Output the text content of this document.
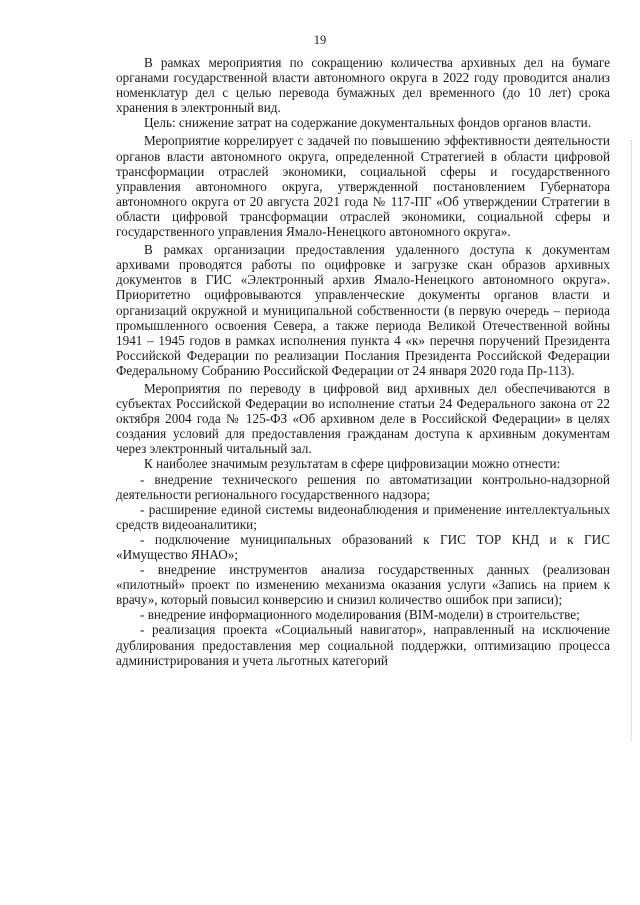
19

В рамках мероприятия по сокращению количества архивных дел на бумаге органами государственной власти автономного округа в 2022 году проводится анализ номенклатур дел с целью перевода бумажных дел временного (до 10 лет) срока хранения в электронный вид.

Цель: снижение затрат на содержание документальных фондов органов власти.

Мероприятие коррелирует с задачей по повышению эффективности деятельности органов власти автономного округа, определенной Стратегией в области цифровой трансформации отраслей экономики, социальной сферы и государственного управления автономного округа, утвержденной постановлением Губернатора автономного округа от 20 августа 2021 года № 117-ПГ «Об утверждении Стратегии в области цифровой трансформации отраслей экономики, социальной сферы и государственного управления Ямало-Ненецкого автономного округа».

В рамках организации предоставления удаленного доступа к документам архивами проводятся работы по оцифровке и загрузке скан образов архивных документов в ГИС «Электронный архив Ямало-Ненецкого автономного округа». Приоритетно оцифровываются управленческие документы органов власти и организаций окружной и муниципальной собственности (в первую очередь – периода промышленного освоения Севера, а также периода Великой Отечественной войны 1941 – 1945 годов в рамках исполнения пункта 4 «к» перечня поручений Президента Российской Федерации по реализации Послания Президента Российской Федерации Федеральному Собранию Российской Федерации от 24 января 2020 года Пр-113).

Мероприятия по переводу в цифровой вид архивных дел обеспечиваются в субъектах Российской Федерации во исполнение статьи 24 Федерального закона от 22 октября 2004 года № 125-ФЗ «Об архивном деле в Российской Федерации» в целях создания условий для предоставления гражданам доступа к архивным документам через электронный читальный зал.

К наиболее значимым результатам в сфере цифровизации можно отнести:

- внедрение технического решения по автоматизации контрольно-надзорной деятельности регионального государственного надзора;

- расширение единой системы видеонаблюдения и применение интеллектуальных средств видеоаналитики;

- подключение муниципальных образований к ГИС ТОР КНД и к ГИС «Имущество ЯНАО»;

- внедрение инструментов анализа государственных данных (реализован «пилотный» проект по изменению механизма оказания услуги «Запись на прием к врачу», который повысил конверсию и снизил количество ошибок при записи);

- внедрение информационного моделирования (BIM-модели) в строительстве;

- реализация проекта «Социальный навигатор», направленный на исключение дублирования предоставления мер социальной поддержки, оптимизацию процесса администрирования и учета льготных категорий
